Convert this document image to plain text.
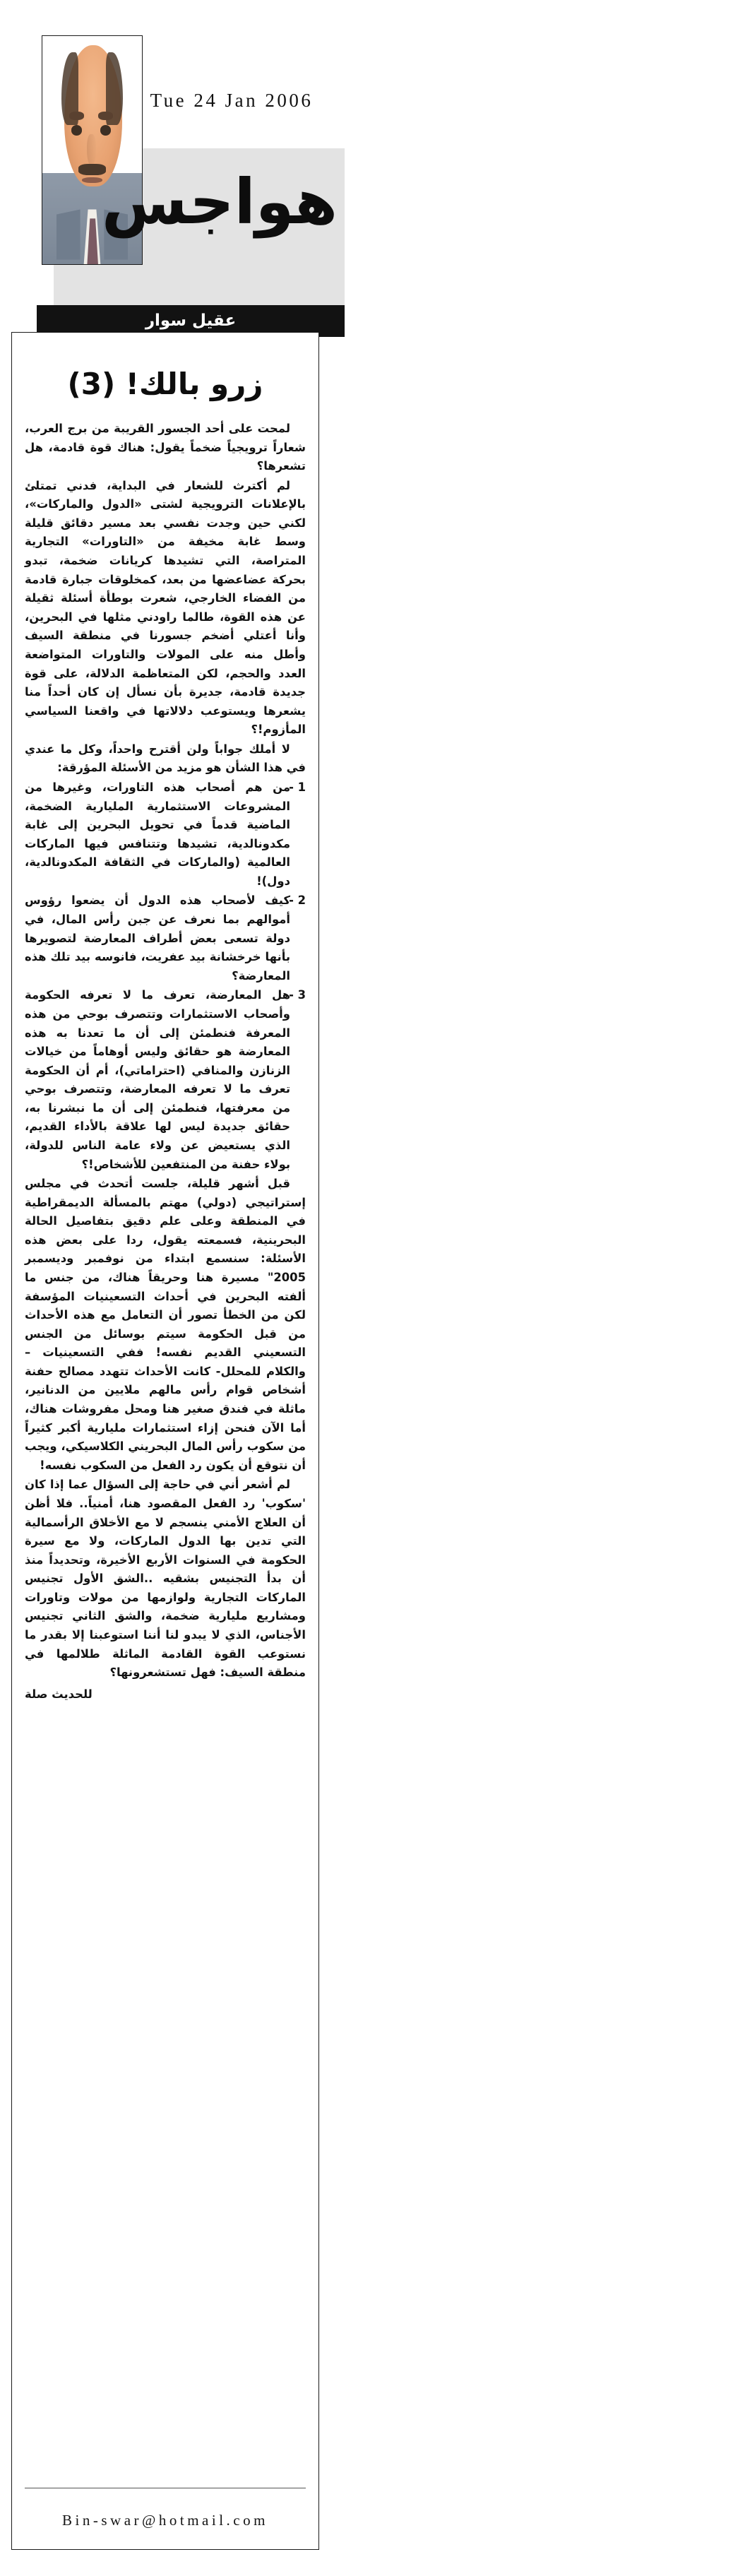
Tue 24 Jan 2006
هواجس
عقيل سوار
زرو بالك! (3)

لمحت على أحد الجسور القريبة من برج العرب، شعاراً ترويجياً ضخماً يقول: هناك قوة قادمة، هل تشعرها؟

لم أكترث للشعار في البداية، فدني تمتلئ بالإعلانات الترويجية لشتى «الدول والماركات»، لكني حين وجدت نفسي بعد مسير دقائق قليلة وسط غابة مخيفة من «التاورات» التجارية المتراصة، التي تشيدها كريانات ضخمة، تبدو بحركة عضاعضها من بعد، كمخلوقات جبارة قادمة من الفضاء الخارجي، شعرت بوطأة أسئلة ثقيلة عن هذه القوة، طالما راودني مثلها في البحرين، وأنا أعتلي أضخم جسورنا في منطقة السيف وأطل منه على المولات والتاورات المتواضعة العدد والحجم، لكن المتعاظمة الدلالة، على قوة جديدة قادمة، جديرة بأن نسأل إن كان أحداً منا يشعرها ويستوعب دلالاتها في واقعنا السياسي المأزوم!؟

لا أملك جواباً ولن أقترح واحداً، وكل ما عندي في هذا الشأن هو مزيد من الأسئلة المؤرقة:

1 -
من هم أصحاب هذه التاورات، وغيرها من المشروعات الاستثمارية المليارية الضخمة، الماضية قدماً في تحويل البحرين إلى غابة مكدونالدية، تشيدها وتتنافس فيها الماركات العالمية (والماركات في الثقافة المكدونالدية، دول)!
2 -
كيف لأصحاب هذه الدول أن يضعوا رؤوس أموالهم بما نعرف عن جبن رأس المال، في دولة تسعى بعض أطراف المعارضة لتصويرها بأنها خرخشانة بيد عفريت، فانوسه بيد تلك هذه المعارضة؟
3 -
هل المعارضة، تعرف ما لا تعرفه الحكومة وأصحاب الاستثمارات وتتصرف بوحي من هذه المعرفة فنطمئن إلى أن ما تعدنا به هذه المعارضة هو حقائق وليس أوهاماً من خيالات الزنازن والمنافي (احتراماتي)، أم أن الحكومة تعرف ما لا تعرفه المعارضة، وتتصرف بوحي من معرفتها، فنطمئن إلى أن ما نبشرنا به، حقائق جديدة ليس لها علاقة بالأداء القديم، الذي يستعيض عن ولاء عامة الناس للدولة، بولاء حفنة من المنتفعين للأشخاص!؟

قبل أشهر قليلة، جلست أتحدث في مجلس إستراتيجي (دولي) مهتم بالمسألة الديمقراطية في المنطقة وعلى علم دقيق بتفاصيل الحالة البحرينية، فسمعته يقول، ردا على بعض هذه الأسئلة: سنسمع ابتداء من نوفمبر وديسمبر 2005" مسيرة هنا وحريقاً هناك، من جنس ما ألفته البحرين في أحداث التسعينيات المؤسفة لكن من الخطأ تصور أن التعامل مع هذه الأحداث من قبل الحكومة سيتم بوسائل من الجنس التسعيني القديم نفسه! ففي التسعينيات – والكلام للمحلل- كانت الأحداث تتهدد مصالح حفنة أشخاص قوام رأس مالهم ملايين من الدنانير، ماثلة في فندق صغير هنا ومحل مفروشات هناك، أما الآن فنحن إزاء استثمارات مليارية أكبر كثيراً من سكوب رأس المال البحريني الكلاسيكي، ويجب أن نتوقع أن يكون رد الفعل من السكوب نفسه!

لم أشعر أني في حاجة إلى السؤال عما إذا كان 'سكوب' رد الفعل المقصود هنا، أمنياً.. فلا أظن أن العلاج الأمني ينسجم لا مع الأخلاق الرأسمالية التي تدين بها الدول الماركات، ولا مع سيرة الحكومة في السنوات الأربع الأخيرة، وتحديداً منذ أن بدأ التجنيس بشقيه ..الشق الأول تجنيس الماركات التجارية ولوازمها من مولات وتاورات ومشاريع مليارية ضخمة، والشق الثاني تجنيس الأجناس، الذي لا يبدو لنا أننا استوعبنا إلا بقدر ما نستوعب القوة القادمة الماثلة طلالمها في منطقة السيف: فهل تستشعرونها؟

للحديث صلة
Bin-swar@hotmail.com
